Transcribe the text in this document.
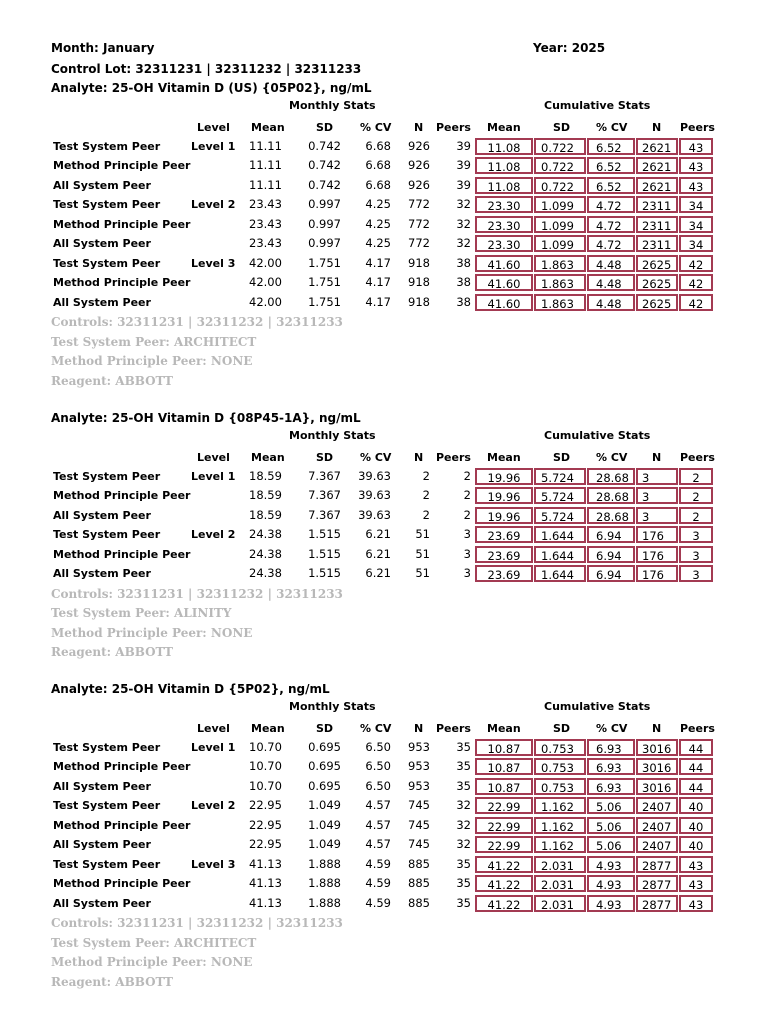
Month: January	Year: 2025
Control Lot: 32311231 | 32311232 | 32311233
Analyte: 25-OH Vitamin D (US) {05P02}, ng/mL
Monthly Stats	Cumulative Stats
Level Mean	SD % CV N Peers Mean	SD % CV N Peers
Test System Peer	Level 1 11.11	0.742	6.68	926	39	11.08	0.722	6.52	2621	43
Method Principle Peer	11.11	0.742	6.68	926	39	11.08	0.722	6.52	2621	43
All System Peer	11.11	0.742	6.68	926	39	11.08	0.722	6.52	2621	43
Test System Peer	Level 2 23.43	0.997	4.25	772	32	23.30	1.099	4.72	2311	34
Method Principle Peer	23.43	0.997	4.25	772	32	23.30	1.099	4.72	2311	34
All System Peer	23.43	0.997	4.25	772	32	23.30	1.099	4.72	2311	34
Test System Peer	Level 3 42.00	1.751	4.17	918	38	41.60	1.863	4.48	2625	42
Method Principle Peer	42.00	1.751	4.17	918	38	41.60	1.863	4.48	2625	42
All System Peer	42.00	1.751	4.17	918	38	41.60	1.863	4.48	2625	42
Controls: 32311231 | 32311232 | 32311233
Test System Peer: ARCHITECT
Method Principle Peer: NONE
Reagent: ABBOTT
Analyte: 25-OH Vitamin D {08P45-1A}, ng/mL
Monthly Stats	Cumulative Stats
Level Mean	SD % CV N Peers Mean	SD % CV N Peers
Test System Peer	Level 1 18.59	7.367	39.63	2	2	19.96	5.724	28.68	3	2
Method Principle Peer	18.59	7.367	39.63	2	2	19.96	5.724	28.68	3	2
All System Peer	18.59	7.367	39.63	2	2	19.96	5.724	28.68	3	2
Test System Peer	Level 2 24.38	1.515	6.21	51	3	23.69	1.644	6.94	176	3
Method Principle Peer	24.38	1.515	6.21	51	3	23.69	1.644	6.94	176	3
All System Peer	24.38	1.515	6.21	51	3	23.69	1.644	6.94	176	3
Controls: 32311231 | 32311232 | 32311233
Test System Peer: ALINITY
Method Principle Peer: NONE
Reagent: ABBOTT
Analyte: 25-OH Vitamin D {5P02}, ng/mL
Monthly Stats	Cumulative Stats
Level Mean	SD % CV N Peers Mean	SD % CV N Peers
Test System Peer	Level 1 10.70	0.695	6.50	953	35	10.87	0.753	6.93	3016	44
Method Principle Peer	10.70	0.695	6.50	953	35	10.87	0.753	6.93	3016	44
All System Peer	10.70	0.695	6.50	953	35	10.87	0.753	6.93	3016	44
Test System Peer	Level 2 22.95	1.049	4.57	745	32	22.99	1.162	5.06	2407	40
Method Principle Peer	22.95	1.049	4.57	745	32	22.99	1.162	5.06	2407	40
All System Peer	22.95	1.049	4.57	745	32	22.99	1.162	5.06	2407	40
Test System Peer	Level 3 41.13	1.888	4.59	885	35	41.22	2.031	4.93	2877	43
Method Principle Peer	41.13	1.888	4.59	885	35	41.22	2.031	4.93	2877	43
All System Peer	41.13	1.888	4.59	885	35	41.22	2.031	4.93	2877	43
Controls: 32311231 | 32311232 | 32311233
Test System Peer: ARCHITECT
Method Principle Peer: NONE
Reagent: ABBOTT
